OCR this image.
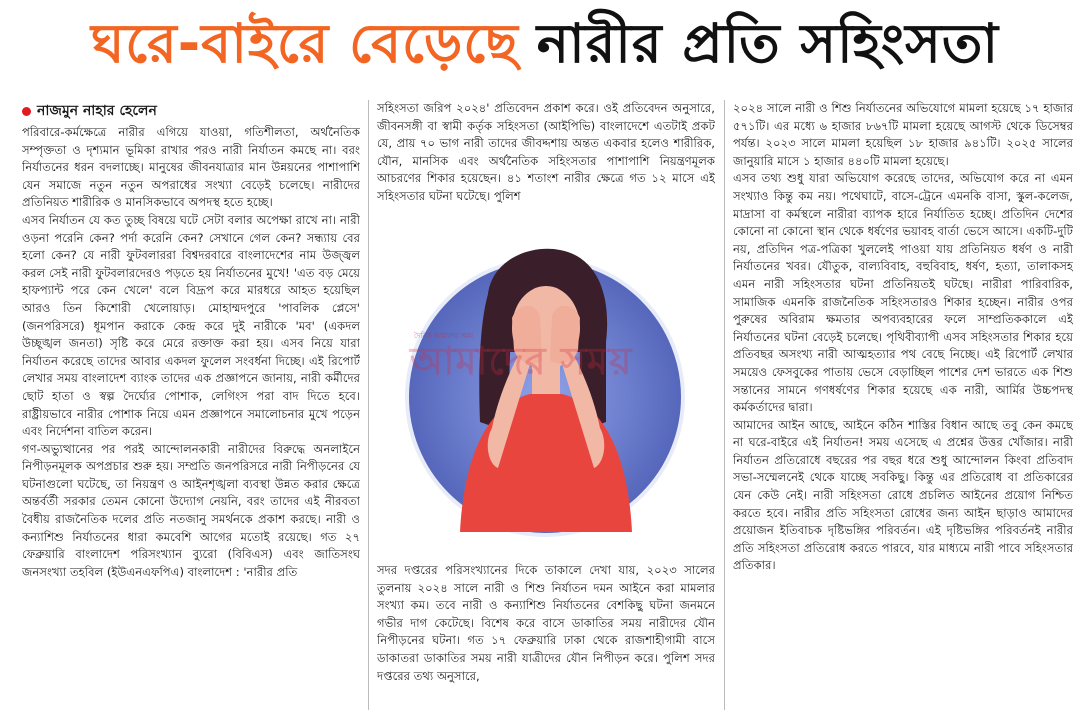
ঘরে-বাইরে বেড়েছে নারীর প্রতি সহিংসতা
নাজমুন নাহার হেলেন

পরিবারে-কর্মক্ষেত্রে নারীর এগিয়ে যাওয়া, গতিশীলতা, অর্থনৈতিক সম্পৃক্ততা ও দৃশ্যমান ভূমিকা রাখার পরও নারী নির্যাতন কমছে না। বরং নির্যাতনের ধরন বদলাচ্ছে। মানুষের জীবনযাত্রার মান উন্নয়নের পাশাপাশি যেন সমাজে নতুন নতুন অপরাধের সংখ্যা বেড়েই চলেছে। নারীদের প্রতিনিয়ত শারীরিক ও মানসিকভাবে অপদস্থ হতে হচ্ছে।

এসব নির্যাতন যে কত তুচ্ছ বিষয়ে ঘটে সেটা বলার অপেক্ষা রাখে না। নারী ওড়না পরেনি কেন? পর্দা করেনি কেন? সেখানে গেল কেন? সন্ধ্যায় বের হলো কেন? যে নারী ফুটবলাররা বিশ্বদরবারে বাংলাদেশের নাম উজ্জ্বল করল সেই নারী ফুটবলারদেরও পড়তে হয় নির্যাতনের মুখে! 'এত বড় মেয়ে হাফপ্যান্ট পরে কেন খেলে' বলে বিদ্রূপ করে মারধরে আহত হয়েছিল আরও তিন কিশোরী খেলোয়াড়। মোহাম্মদপুরে 'পাবলিক প্লেসে' (জনপরিসরে) ধূমপান করাকে কেন্দ্র করে দুই নারীকে 'মব' (একদল উচ্ছৃঙ্খল জনতা) সৃষ্টি করে মেরে রক্তাক্ত করা হয়। এসব নিয়ে যারা নির্যাতন করেছে তাদের আবার একদল ফুলেল সংবর্ধনা দিচ্ছে। এই রিপোর্ট লেখার সময় বাংলাদেশ ব্যাংক তাদের এক প্রজ্ঞাপনে জানায়, নারী কর্মীদের ছোট হাতা ও স্বল্প দৈর্ঘ্যের পোশাক, লেগিংস পরা বাদ দিতে হবে। রাষ্ট্রীয়ভাবে নারীর পোশাক নিয়ে এমন প্রজ্ঞাপনে সমালোচনার মুখে পড়েন এবং নির্দেশনা বাতিল করেন।

গণ-অভ্যুত্থানের পর পরই আন্দোলনকারী নারীদের বিরুদ্ধে অনলাইনে নিপীড়নমূলক অপপ্রচার শুরু হয়। সম্প্রতি জনপরিসরে নারী নিপীড়নের যে ঘটনাগুলো ঘটেছে, তা নিয়ন্ত্রণ ও আইনশৃঙ্খলা ব্যবস্থা উন্নত করার ক্ষেত্রে অন্তর্বর্তী সরকার তেমন কোনো উদ্যোগ নেয়নি, বরং তাদের এই নীরবতা বৈধীয় রাজনৈতিক দলের প্রতি নতজানু সমর্থনকে প্রকাশ করছে। নারী ও কন্যাশিশু নির্যাতনের ধারা কমবেশি আগের মতোই রয়েছে। গত ২৭ ফেব্রুয়ারি বাংলাদেশ পরিসংখ্যান ব্যুরো (বিবিএস) এবং জাতিসংঘ জনসংখ্যা তহবিল (ইউএনএফপিএ) বাংলাদেশ : 'নারীর প্রতি

সহিংসতা জরিপ ২০২৪' প্রতিবেদন প্রকাশ করে। ওই প্রতিবেদন অনুসারে, জীবনসঙ্গী বা স্বামী কর্তৃক সহিংসতা (আইপিভি) বাংলাদেশে এতটাই প্রকট যে, প্রায় ৭০ ভাগ নারী তাদের জীবদ্দশায় অন্তত একবার হলেও শারীরিক, যৌন, মানসিক এবং অর্থনৈতিক সহিংসতার পাশাপাশি নিয়ন্ত্রণমূলক আচরণের শিকার হয়েছেন। ৪১ শতাংশ নারীর ক্ষেত্রে গত ১২ মাসে এই সহিংসতার ঘটনা ঘটেছে। পুলিশ

দৈনিক আমাদের সময়
আমাদের সময়

সদর দপ্তরের পরিসংখ্যানের দিকে তাকালে দেখা যায়, ২০২৩ সালের তুলনায় ২০২৪ সালে নারী ও শিশু নির্যাতন দমন আইনে করা মামলার সংখ্যা কম। তবে নারী ও কন্যাশিশু নির্যাতনের বেশকিছু ঘটনা জনমনে গভীর দাগ কেটেছে। বিশেষ করে বাসে ডাকাতির সময় নারীদের যৌন নিপীড়নের ঘটনা। গত ১৭ ফেব্রুয়ারি ঢাকা থেকে রাজশাহীগামী বাসে ডাকাতরা ডাকাতির সময় নারী যাত্রীদের যৌন নিপীড়ন করে। পুলিশ সদর দপ্তরের তথ্য অনুসারে,

২০২৪ সালে নারী ও শিশু নির্যাতনের অভিযোগে মামলা হয়েছে ১৭ হাজার ৫৭১টি। এর মধ্যে ৬ হাজার ৮৬৭টি মামলা হয়েছে আগস্ট থেকে ডিসেম্বর পর্যন্ত। ২০২৩ সালে মামলা হয়েছিল ১৮ হাজার ৯৪১টি। ২০২৫ সালের জানুয়ারি মাসে ১ হাজার ৪৪০টি মামলা হয়েছে।

এসব তথ্য শুধু যারা অভিযোগ করেছে তাদের, অভিযোগ করে না এমন সংখ্যাও কিন্তু কম নয়। পথেঘাটে, বাসে-ট্রেনে এমনকি বাসা, স্কুল-কলেজ, মাদ্রাসা বা কর্মস্থলে নারীরা ব্যাপক হারে নির্যাতিত হচ্ছে। প্রতিদিন দেশের কোনো না কোনো স্থান থেকে ধর্ষণের ভয়াবহ বার্তা ভেসে আসে। একটি-দুটি নয়, প্রতিদিন পত্র-পত্রিকা খুললেই পাওয়া যায় প্রতিনিয়ত ধর্ষণ ও নারী নির্যাতনের খবর। যৌতুক, বাল্যবিবাহ, বহুবিবাহ, ধর্ষণ, হত্যা, তালাকসহ এমন নারী সহিংসতার ঘটনা প্রতিনিয়তই ঘটছে। নারীরা পারিবারিক, সামাজিক এমনকি রাজনৈতিক সহিংসতারও শিকার হচ্ছেন। নারীর ওপর পুরুষের অবিরাম ক্ষমতার অপব্যবহারের ফলে সাম্প্রতিককালে এই নির্যাতনের ঘটনা বেড়েই চলেছে। পৃথিবীব্যাপী এসব সহিংসতার শিকার হয়ে প্রতিবছর অসংখ্য নারী আত্মহত্যার পথ বেছে নিচ্ছে। এই রিপোর্ট লেখার সময়েও ফেসবুকের পাতায় ভেসে বেড়াচ্ছিল পাশের দেশ ভারতে এক শিশু সন্তানের সামনে গণধর্ষণের শিকার হয়েছে এক নারী, আর্মির উচ্চপদস্থ কর্মকর্তাদের দ্বারা।

আমাদের আইন আছে, আইনে কঠিন শাস্তির বিধান আছে তবু কেন কমছে না ঘরে-বাইরে এই নির্যাতন! সময় এসেছে এ প্রশ্নের উত্তর খোঁজার। নারী নির্যাতন প্রতিরোধে বছরের পর বছর ধরে শুধু আন্দোলন কিংবা প্রতিবাদ সভা-সম্মেলনেই থেকে যাচ্ছে সবকিছু। কিন্তু এর প্রতিরোধ বা প্রতিকারের যেন কেউ নেই। নারী সহিংসতা রোধে প্রচলিত আইনের প্রয়োগ নিশ্চিত করতে হবে। নারীর প্রতি সহিংসতা রোধের জন্য আইন ছাড়াও আমাদের প্রয়োজন ইতিবাচক দৃষ্টিভঙ্গির পরিবর্তন। এই দৃষ্টিভঙ্গির পরিবর্তনই নারীর প্রতি সহিংসতা প্রতিরোধ করতে পারবে, যার মাধ্যমে নারী পাবে সহিংসতার প্রতিকার।
